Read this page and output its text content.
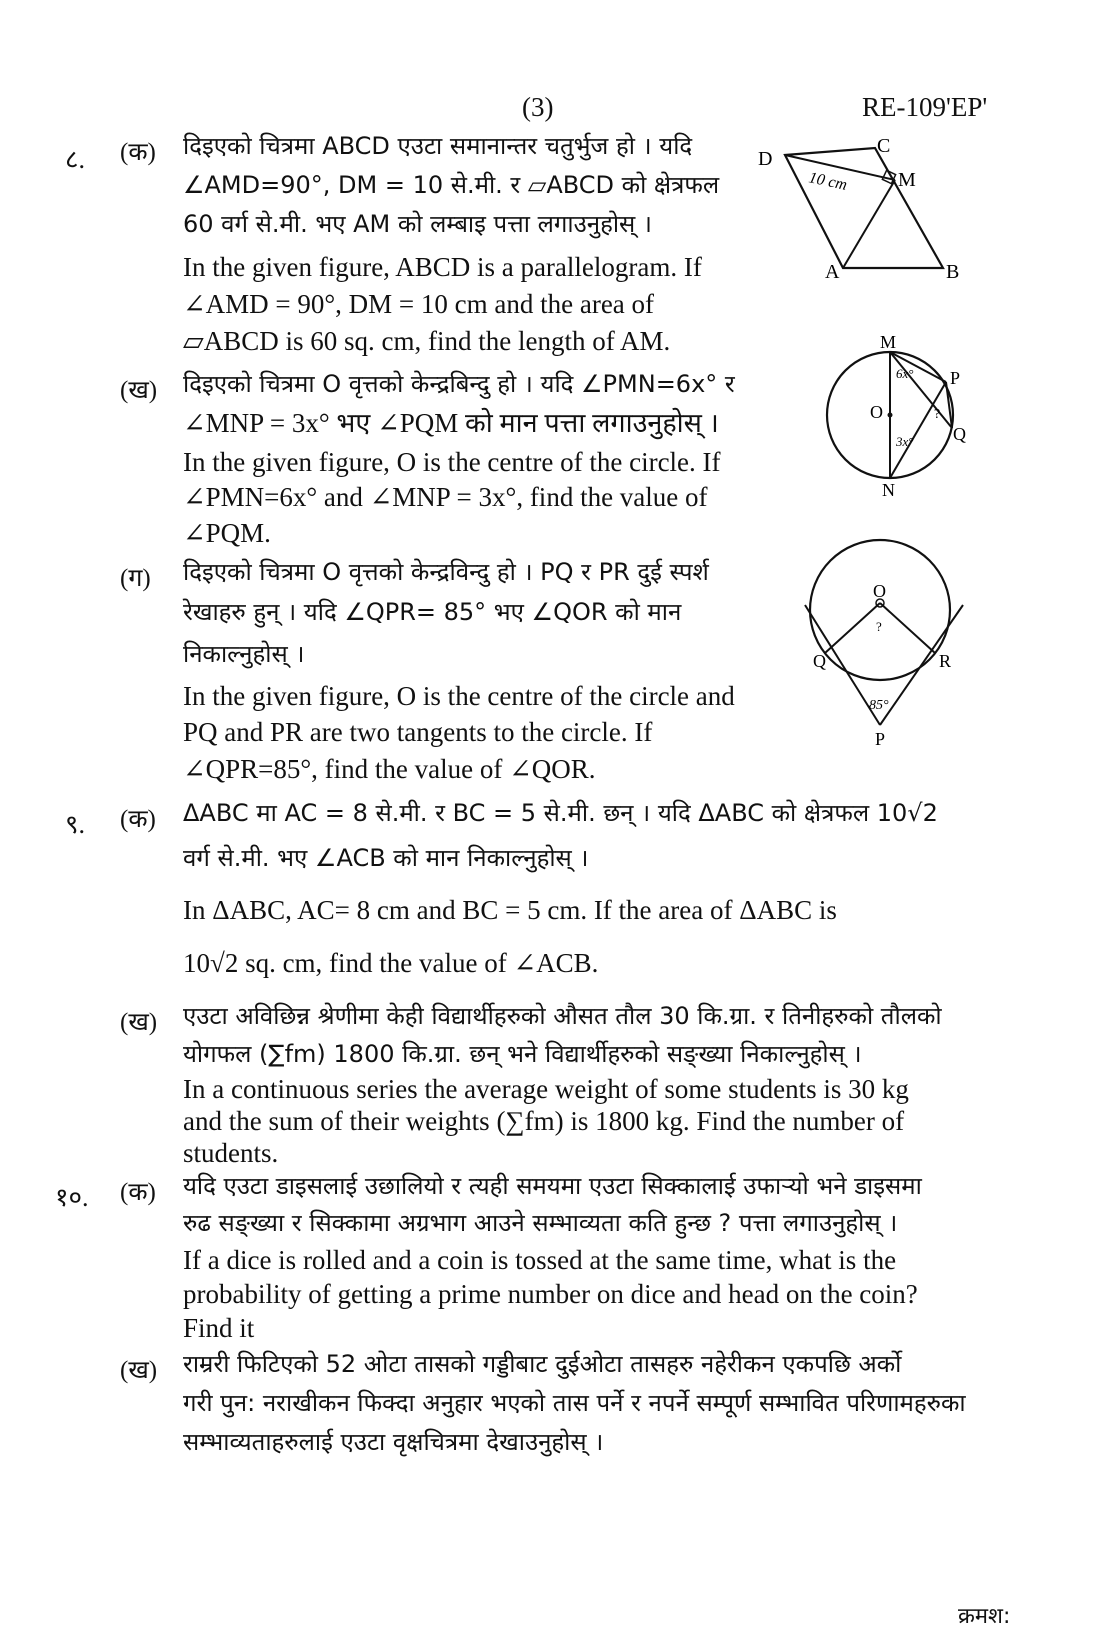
(3)	RE-109'EP'
८. (क) दिइएको चित्रमा ABCD एउटा समानान्तर चतुर्भुज हो । यदि
∠AMD=90°, DM = 10 से.मी. र ▱ABCD को क्षेत्रफल
60 वर्ग से.मी. भए AM को लम्बाइ पत्ता लगाउनुहोस् ।
In the given figure, ABCD is a parallelogram. If
∠AMD = 90°, DM = 10 cm and the area of
▱ABCD is 60 sq. cm, find the length of AM.
D
C
M
A	B
10 cm
(ख) दिइएको चित्रमा O वृत्तको केन्द्रबिन्दु हो । यदि ∠PMN=6x° र
∠MNP = 3x° भए ∠PQM को मान पत्ता लगाउनुहोस् ।
In the given figure, O is the centre of the circle. If
∠PMN=6x° and ∠MNP = 3x°, find the value of
∠PQM.
M
P
O
Q
N
6x°
3x°
?
(ग) दिइएको चित्रमा O वृत्तको केन्द्रविन्दु हो । PQ र PR दुई स्पर्श
रेखाहरु हुन् । यदि ∠QPR= 85° भए ∠QOR को मान
निकाल्नुहोस् ।
In the given figure, O is the centre of the circle and
PQ and PR are two tangents to the circle. If
∠QPR=85°, find the value of ∠QOR.
O
Q	R
P
85°
?
९. (क) ΔABC मा AC = 8 से.मी. र BC = 5 से.मी. छन् । यदि ΔABC को क्षेत्रफल 10√2
वर्ग से.मी. भए ∠ACB को मान निकाल्नुहोस् ।
In ΔABC, AC= 8 cm and BC = 5 cm. If the area of ΔABC is
10√2 sq. cm, find the value of ∠ACB.
(ख) एउटा अविछिन्न श्रेणीमा केही विद्यार्थीहरुको औसत तौल 30 कि.ग्रा. र तिनीहरुको तौलको
योगफल (∑fm) 1800 कि.ग्रा. छन् भने विद्यार्थीहरुको सङ्ख्या निकाल्नुहोस् ।
In a continuous series the average weight of some students is 30 kg
and the sum of their weights (∑fm) is 1800 kg. Find the number of
students.
१०. (क) यदि एउटा डाइसलाई उछालियो र त्यही समयमा एउटा सिक्कालाई उफार्‍यो भने डाइसमा
रुढ सङ्ख्या र सिक्कामा अग्रभाग आउने सम्भाव्यता कति हुन्छ ? पत्ता लगाउनुहोस् ।
If a dice is rolled and a coin is tossed at the same time, what is the
probability of getting a prime number on dice and head on the coin?
Find it
(ख) राम्ररी फिटिएको 52 ओटा तासको गड्डीबाट दुईओटा तासहरु नहेरीकन एकपछि अर्को
गरी पुन: नराखीकन फिक्दा अनुहार भएको तास पर्ने र नपर्ने सम्पूर्ण सम्भावित परिणामहरुका
सम्भाव्यताहरुलाई एउटा वृक्षचित्रमा देखाउनुहोस् ।
क्रमश:
